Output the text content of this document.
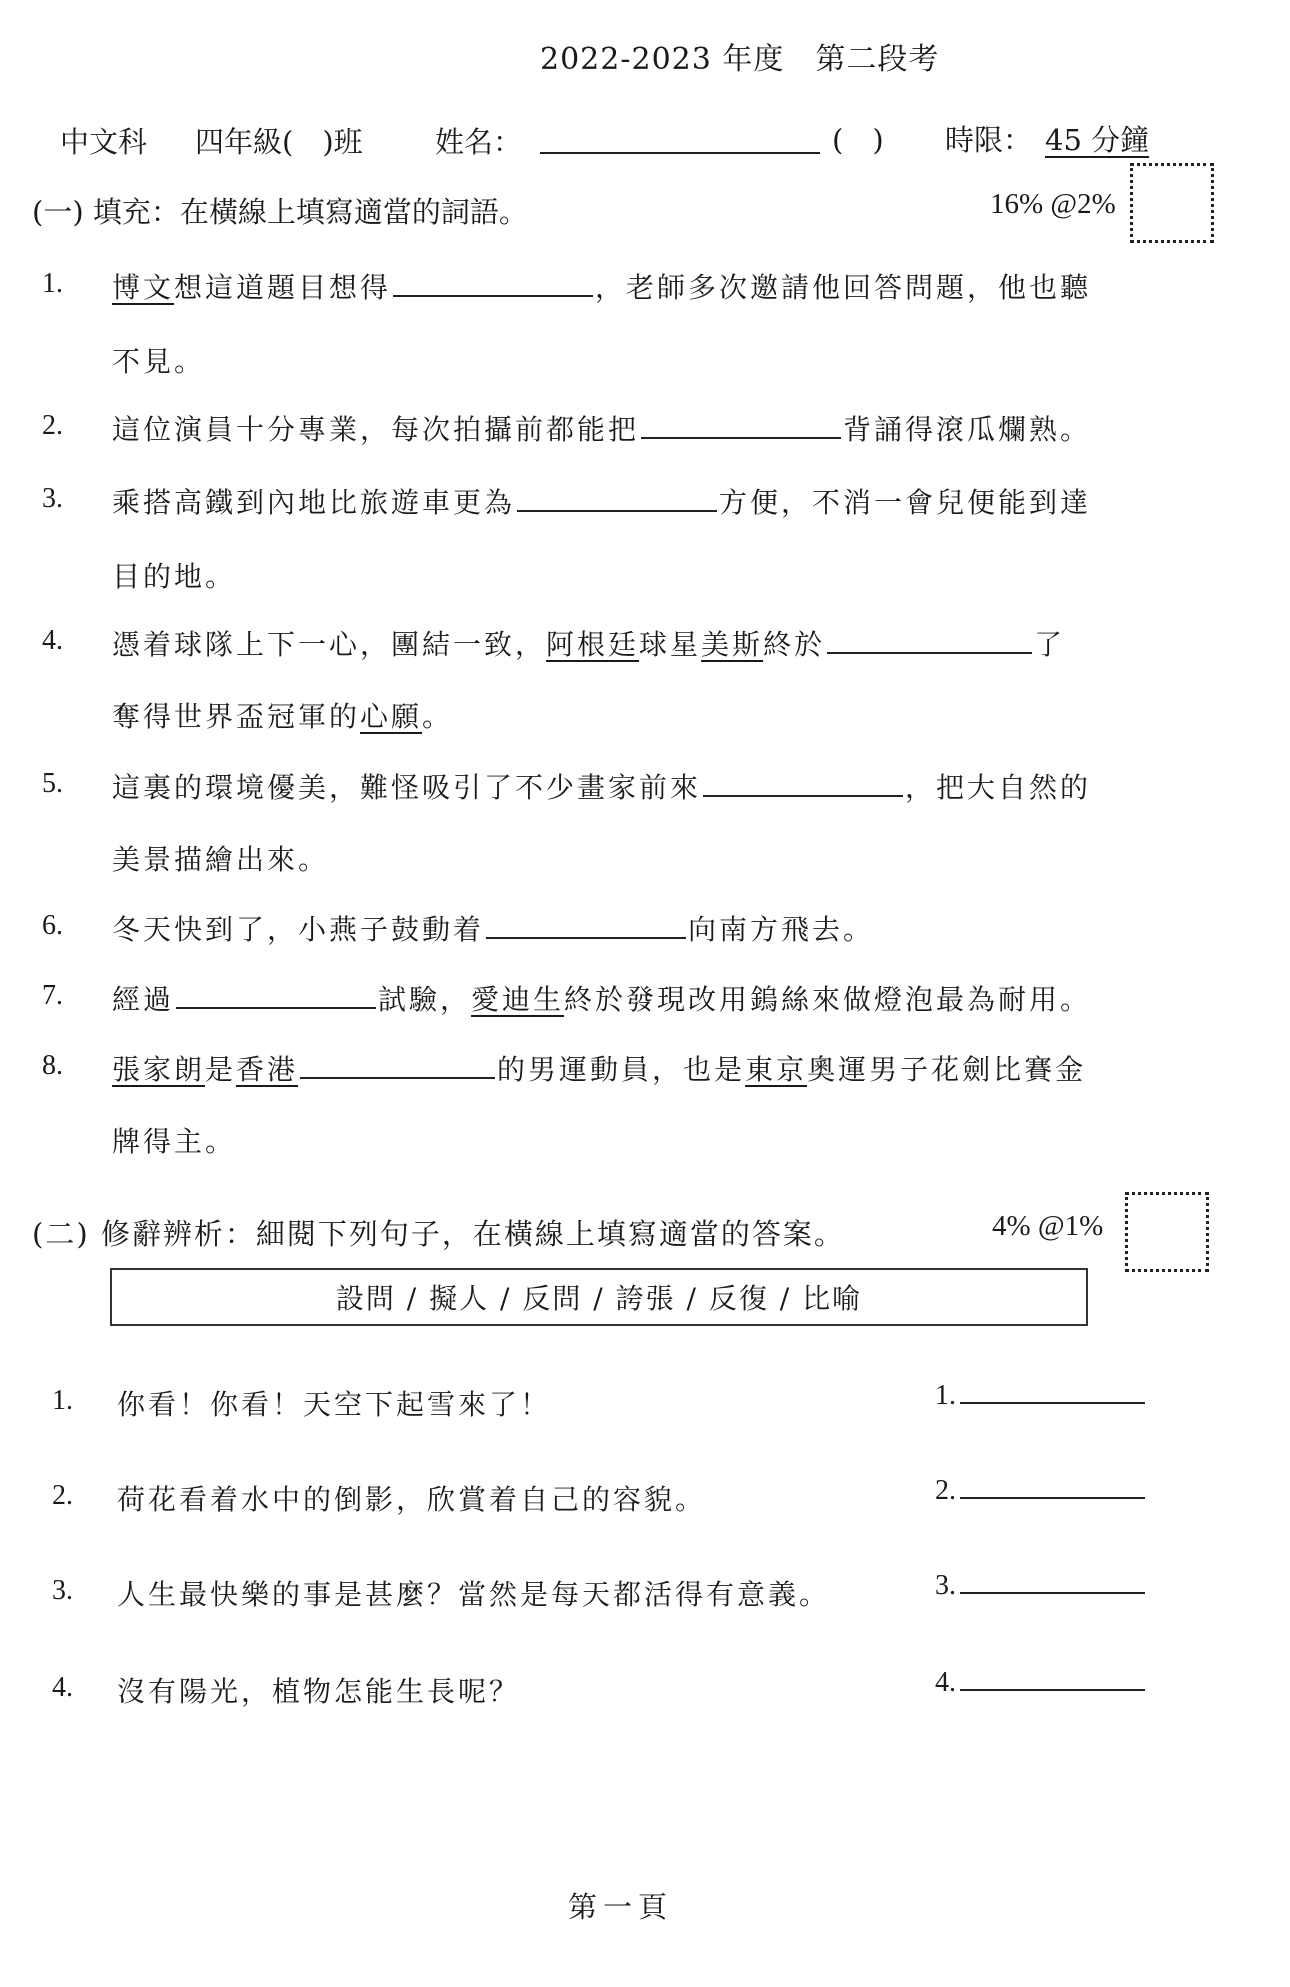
2022-2023 年度　第二段考
中文科 四年級(　)班 姓名：	(　) 時限： 45 分鐘
(一) 填充：在橫線上填寫適當的詞語。	16% @2%
1. 博文想這道題目想得	，老師多次邀請他回答問題，他也聽
不見。
2. 這位演員十分專業，每次拍攝前都能把	背誦得滾瓜爛熟。
3. 乘搭高鐵到內地比旅遊車更為	方便，不消一會兒便能到達
目的地。
4. 憑着球隊上下一心，團結一致，阿根廷球星美斯終於	了
奪得世界盃冠軍的心願。
5. 這裏的環境優美，難怪吸引了不少畫家前來	，把大自然的
美景描繪出來。
6. 冬天快到了，小燕子鼓動着	向南方飛去。
7. 經過	試驗，愛迪生終於發現改用鎢絲來做燈泡最為耐用。
8. 張家朗是香港	的男運動員，也是東京奧運男子花劍比賽金
牌得主。
(二) 修辭辨析：細閱下列句子，在橫線上填寫適當的答案。	4% @1%
設問 / 擬人 / 反問 / 誇張 / 反復 / 比喻
1. 你看！你看！天空下起雪來了！	1.
2. 荷花看着水中的倒影，欣賞着自己的容貌。	2.
3. 人生最快樂的事是甚麼？當然是每天都活得有意義。	3.
4. 沒有陽光，植物怎能生長呢？	4.
第一頁
